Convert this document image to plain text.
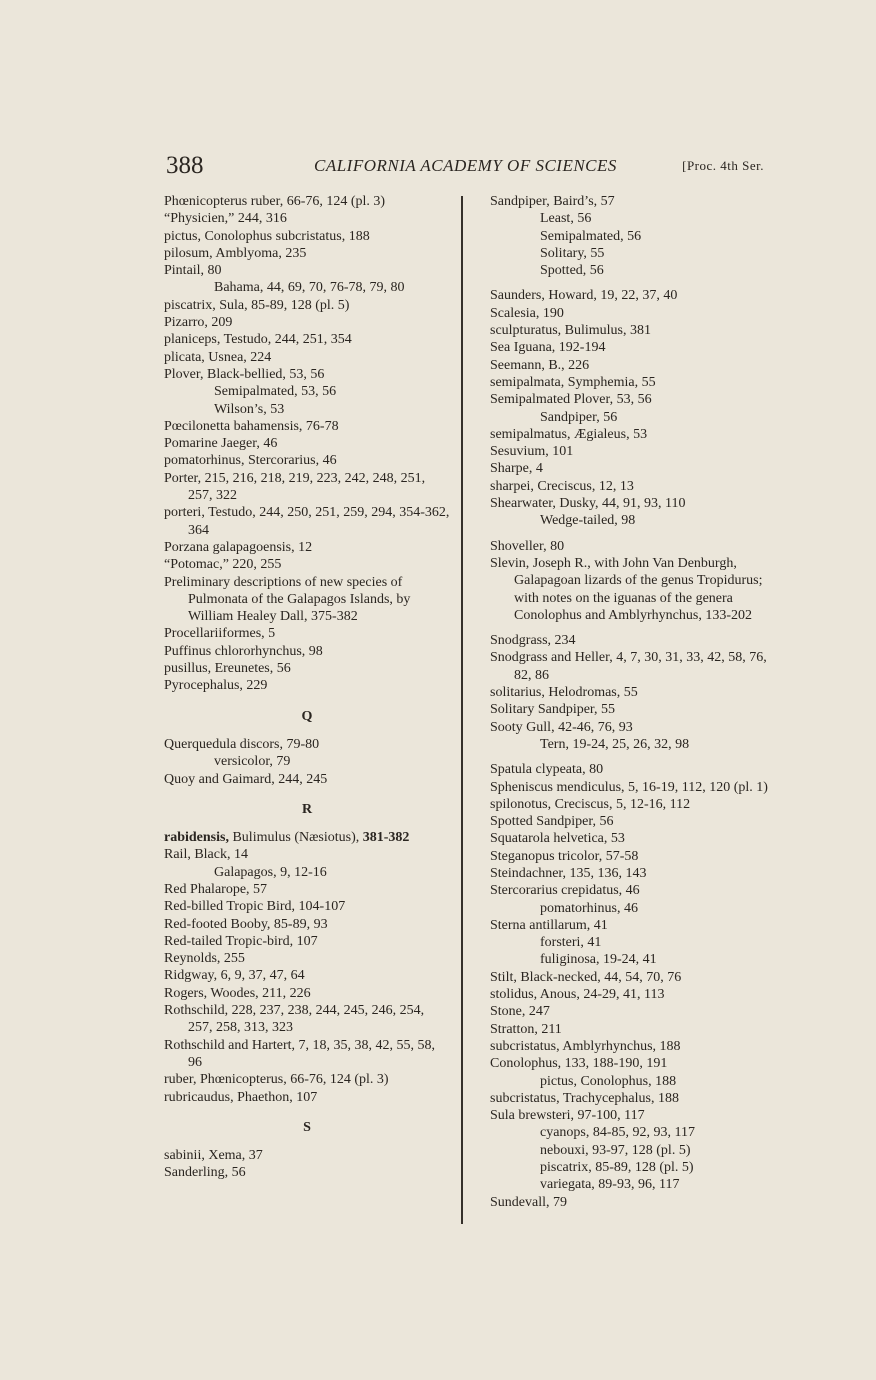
388	CALIFORNIA ACADEMY OF SCIENCES	[Proc. 4th Ser.
Phœnicopterus ruber, 66-76, 124 (pl. 3)
“Physicien,” 244, 316
pictus, Conolophus subcristatus, 188
pilosum, Amblyoma, 235
Pintail, 80
Bahama, 44, 69, 70, 76-78, 79, 80
piscatrix, Sula, 85-89, 128 (pl. 5)
Pizarro, 209
planiceps, Testudo, 244, 251, 354
plicata, Usnea, 224
Plover, Black-bellied, 53, 56
Semipalmated, 53, 56
Wilson’s, 53
Pœcilonetta bahamensis, 76-78
Pomarine Jaeger, 46
pomatorhinus, Stercorarius, 46
Porter, 215, 216, 218, 219, 223, 242, 248, 251, 257, 322
porteri, Testudo, 244, 250, 251, 259, 294, 354-362, 364
Porzana galapagoensis, 12
“Potomac,” 220, 255
Preliminary descriptions of new species of Pulmonata of the Galapagos Islands, by William Healey Dall, 375-382
Procellariiformes, 5
Puffinus chlororhynchus, 98
pusillus, Ereunetes, 56
Pyrocephalus, 229
Q
Querquedula discors, 79-80
versicolor, 79
Quoy and Gaimard, 244, 245
R
rabidensis, Bulimulus (Næsiotus), 381-382
Rail, Black, 14
Galapagos, 9, 12-16
Red Phalarope, 57
Red-billed Tropic Bird, 104-107
Red-footed Booby, 85-89, 93
Red-tailed Tropic-bird, 107
Reynolds, 255
Ridgway, 6, 9, 37, 47, 64
Rogers, Woodes, 211, 226
Rothschild, 228, 237, 238, 244, 245, 246, 254, 257, 258, 313, 323
Rothschild and Hartert, 7, 18, 35, 38, 42, 55, 58, 96
ruber, Phœnicopterus, 66-76, 124 (pl. 3)
rubricaudus, Phaethon, 107
S
sabinii, Xema, 37
Sanderling, 56
Sandpiper, Baird’s, 57
Least, 56
Semipalmated, 56
Solitary, 55
Spotted, 56
Saunders, Howard, 19, 22, 37, 40
Scalesia, 190
sculpturatus, Bulimulus, 381
Sea Iguana, 192-194
Seemann, B., 226
semipalmata, Symphemia, 55
Semipalmated Plover, 53, 56
Sandpiper, 56
semipalmatus, Ægialeus, 53
Sesuvium, 101
Sharpe, 4
sharpei, Creciscus, 12, 13
Shearwater, Dusky, 44, 91, 93, 110
Wedge-tailed, 98
Shoveller, 80
Slevin, Joseph R., with John Van Denburgh, Galapagoan lizards of the genus Tropidurus; with notes on the iguanas of the genera Conolophus and Amblyrhynchus, 133-202
Snodgrass, 234
Snodgrass and Heller, 4, 7, 30, 31, 33, 42, 58, 76, 82, 86
solitarius, Helodromas, 55
Solitary Sandpiper, 55
Sooty Gull, 42-46, 76, 93
Tern, 19-24, 25, 26, 32, 98
Spatula clypeata, 80
Spheniscus mendiculus, 5, 16-19, 112, 120 (pl. 1)
spilonotus, Creciscus, 5, 12-16, 112
Spotted Sandpiper, 56
Squatarola helvetica, 53
Steganopus tricolor, 57-58
Steindachner, 135, 136, 143
Stercorarius crepidatus, 46
pomatorhinus, 46
Sterna antillarum, 41
forsteri, 41
fuliginosa, 19-24, 41
Stilt, Black-necked, 44, 54, 70, 76
stolidus, Anous, 24-29, 41, 113
Stone, 247
Stratton, 211
subcristatus, Amblyrhynchus, 188
Conolophus, 133, 188-190, 191
pictus, Conolophus, 188
subcristatus, Trachycephalus, 188
Sula brewsteri, 97-100, 117
cyanops, 84-85, 92, 93, 117
nebouxi, 93-97, 128 (pl. 5)
piscatrix, 85-89, 128 (pl. 5)
variegata, 89-93, 96, 117
Sundevall, 79
